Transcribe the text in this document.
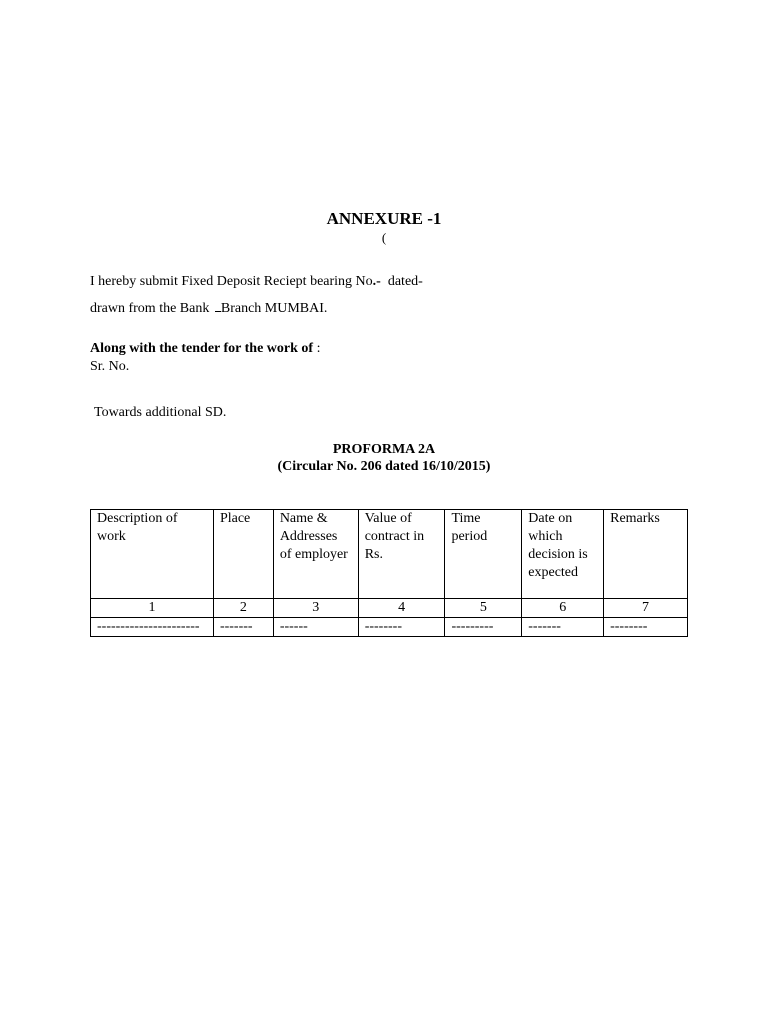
ANNEXURE -1
(
I hereby submit Fixed Deposit Reciept bearing No.-  dated-
drawn from the Bank Branch MUMBAI.
Along with the tender for the work of :
Sr. No.
Towards additional SD.
PROFORMA 2A
(Circular No. 206 dated 16/10/2015)
Description of work	Place	Name & Addresses of employer	Value of contract in Rs.	Time period	Date on which decision is expected	Remarks
1	2	3	4	5	6	7
----------------------	-------	------	--------	---------	-------	--------
